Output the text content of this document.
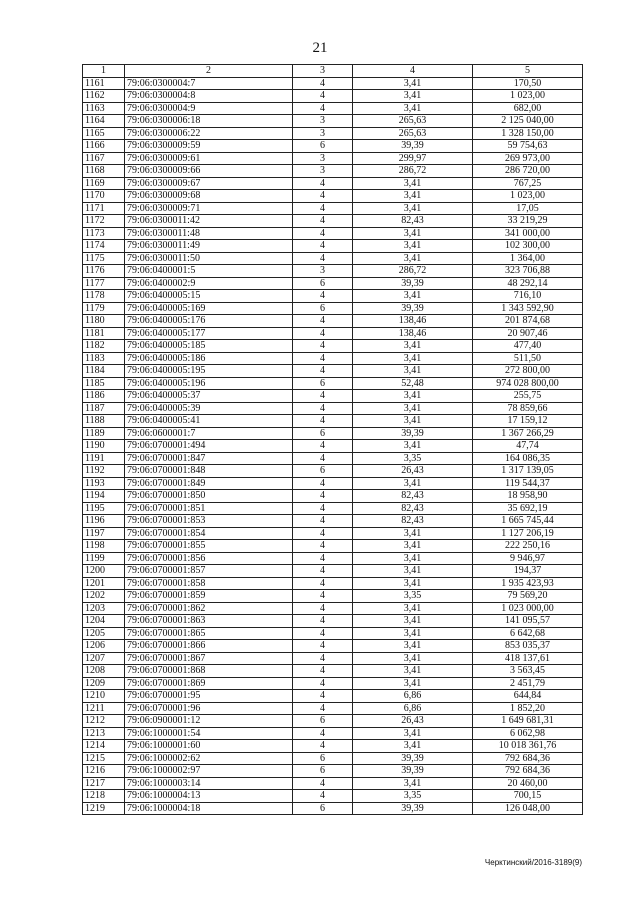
21
1	2	3	4	5
1161	79:06:0300004:7	4	3,41	170,50
1162	79:06:0300004:8	4	3,41	1 023,00
1163	79:06:0300004:9	4	3,41	682,00
1164	79:06:0300006:18	3	265,63	2 125 040,00
1165	79:06:0300006:22	3	265,63	1 328 150,00
1166	79:06:0300009:59	6	39,39	59 754,63
1167	79:06:0300009:61	3	299,97	269 973,00
1168	79:06:0300009:66	3	286,72	286 720,00
1169	79:06:0300009:67	4	3,41	767,25
1170	79:06:0300009:68	4	3,41	1 023,00
1171	79:06:0300009:71	4	3,41	17,05
1172	79:06:0300011:42	4	82,43	33 219,29
1173	79:06:0300011:48	4	3,41	341 000,00
1174	79:06:0300011:49	4	3,41	102 300,00
1175	79:06:0300011:50	4	3,41	1 364,00
1176	79:06:0400001:5	3	286,72	323 706,88
1177	79:06:0400002:9	6	39,39	48 292,14
1178	79:06:0400005:15	4	3,41	716,10
1179	79:06:0400005:169	6	39,39	1 343 592,90
1180	79:06:0400005:176	4	138,46	201 874,68
1181	79:06:0400005:177	4	138,46	20 907,46
1182	79:06:0400005:185	4	3,41	477,40
1183	79:06:0400005:186	4	3,41	511,50
1184	79:06:0400005:195	4	3,41	272 800,00
1185	79:06:0400005:196	6	52,48	974 028 800,00
1186	79:06:0400005:37	4	3,41	255,75
1187	79:06:0400005:39	4	3,41	78 859,66
1188	79:06:0400005:41	4	3,41	17 159,12
1189	79:06:0600001:7	6	39,39	1 367 266,29
1190	79:06:0700001:494	4	3,41	47,74
1191	79:06:0700001:847	4	3,35	164 086,35
1192	79:06:0700001:848	6	26,43	1 317 139,05
1193	79:06:0700001:849	4	3,41	119 544,37
1194	79:06:0700001:850	4	82,43	18 958,90
1195	79:06:0700001:851	4	82,43	35 692,19
1196	79:06:0700001:853	4	82,43	1 665 745,44
1197	79:06:0700001:854	4	3,41	1 127 206,19
1198	79:06:0700001:855	4	3,41	222 250,16
1199	79:06:0700001:856	4	3,41	9 946,97
1200	79:06:0700001:857	4	3,41	194,37
1201	79:06:0700001:858	4	3,41	1 935 423,93
1202	79:06:0700001:859	4	3,35	79 569,20
1203	79:06:0700001:862	4	3,41	1 023 000,00
1204	79:06:0700001:863	4	3,41	141 095,57
1205	79:06:0700001:865	4	3,41	6 642,68
1206	79:06:0700001:866	4	3,41	853 035,37
1207	79:06:0700001:867	4	3,41	418 137,61
1208	79:06:0700001:868	4	3,41	3 563,45
1209	79:06:0700001:869	4	3,41	2 451,79
1210	79:06:0700001:95	4	6,86	644,84
1211	79:06:0700001:96	4	6,86	1 852,20
1212	79:06:0900001:12	6	26,43	1 649 681,31
1213	79:06:1000001:54	4	3,41	6 062,98
1214	79:06:1000001:60	4	3,41	10 018 361,76
1215	79:06:1000002:62	6	39,39	792 684,36
1216	79:06:1000002:97	6	39,39	792 684,36
1217	79:06:1000003:14	4	3,41	20 460,00
1218	79:06:1000004:13	4	3,35	700,15
1219	79:06:1000004:18	6	39,39	126 048,00
Черктинский/2016-3189(9)
